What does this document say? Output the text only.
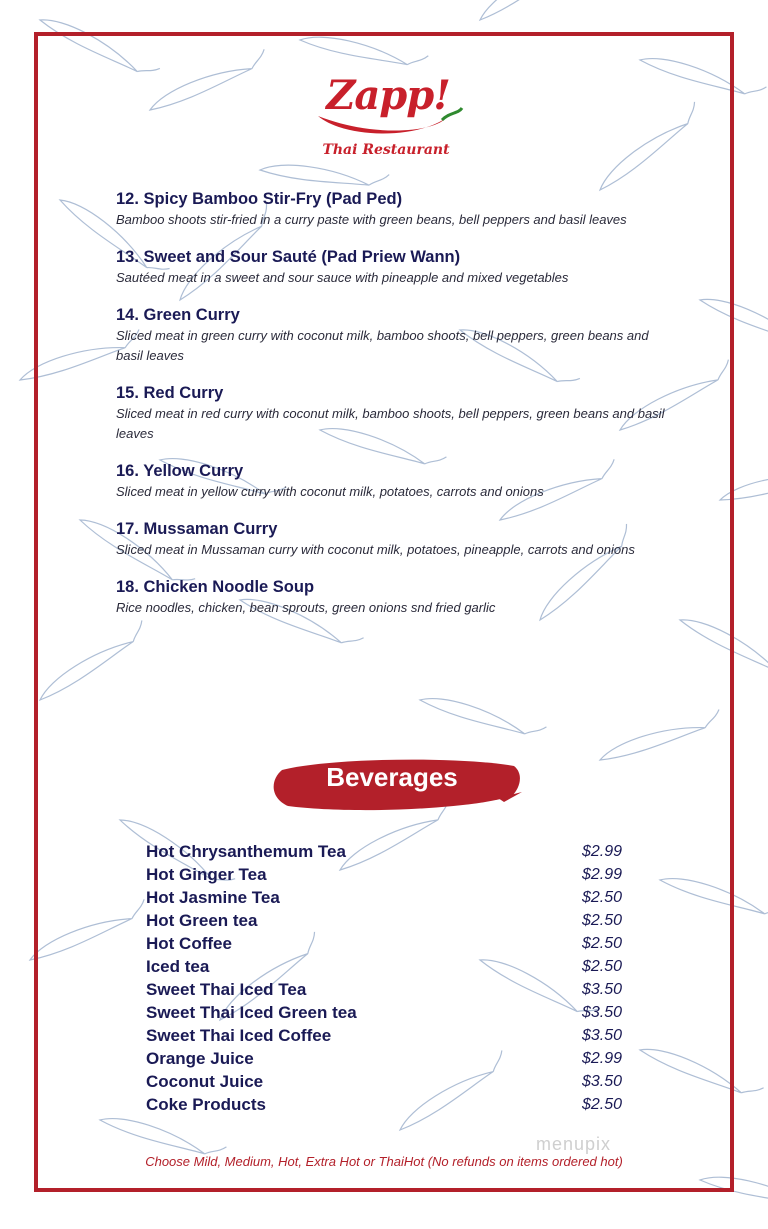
Zapp!
Thai Restaurant
12. Spicy Bamboo Stir-Fry (Pad Ped)
Bamboo shoots stir-fried in a curry paste with green beans, bell peppers and basil leaves
13. Sweet and Sour Sauté (Pad Priew Wann)
Sautéed meat in a sweet and sour sauce with pineapple and mixed vegetables
14. Green Curry
Sliced meat in green curry with coconut milk, bamboo shoots, bell peppers, green beans and basil leaves
15. Red Curry
Sliced meat in red curry with coconut milk, bamboo shoots, bell peppers, green beans and basil leaves
16. Yellow Curry
Sliced meat in yellow curry with coconut milk, potatoes, carrots and onions
17. Mussaman Curry
Sliced meat in Mussaman curry with coconut milk, potatoes, pineapple, carrots and onions
18. Chicken Noodle Soup
Rice noodles, chicken, bean sprouts, green onions snd fried garlic
Beverages
Hot Chrysanthemum Tea	$2.99
Hot Ginger Tea	$2.99
Hot Jasmine Tea	$2.50
Hot Green tea	$2.50
Hot Coffee	$2.50
Iced tea	$2.50
Sweet Thai Iced Tea	$3.50
Sweet Thai Iced Green tea	$3.50
Sweet Thai Iced Coffee	$3.50
Orange Juice	$2.99
Coconut Juice	$3.50
Coke Products	$2.50
menupix
Choose Mild, Medium, Hot, Extra Hot or ThaiHot (No refunds on items ordered hot)
